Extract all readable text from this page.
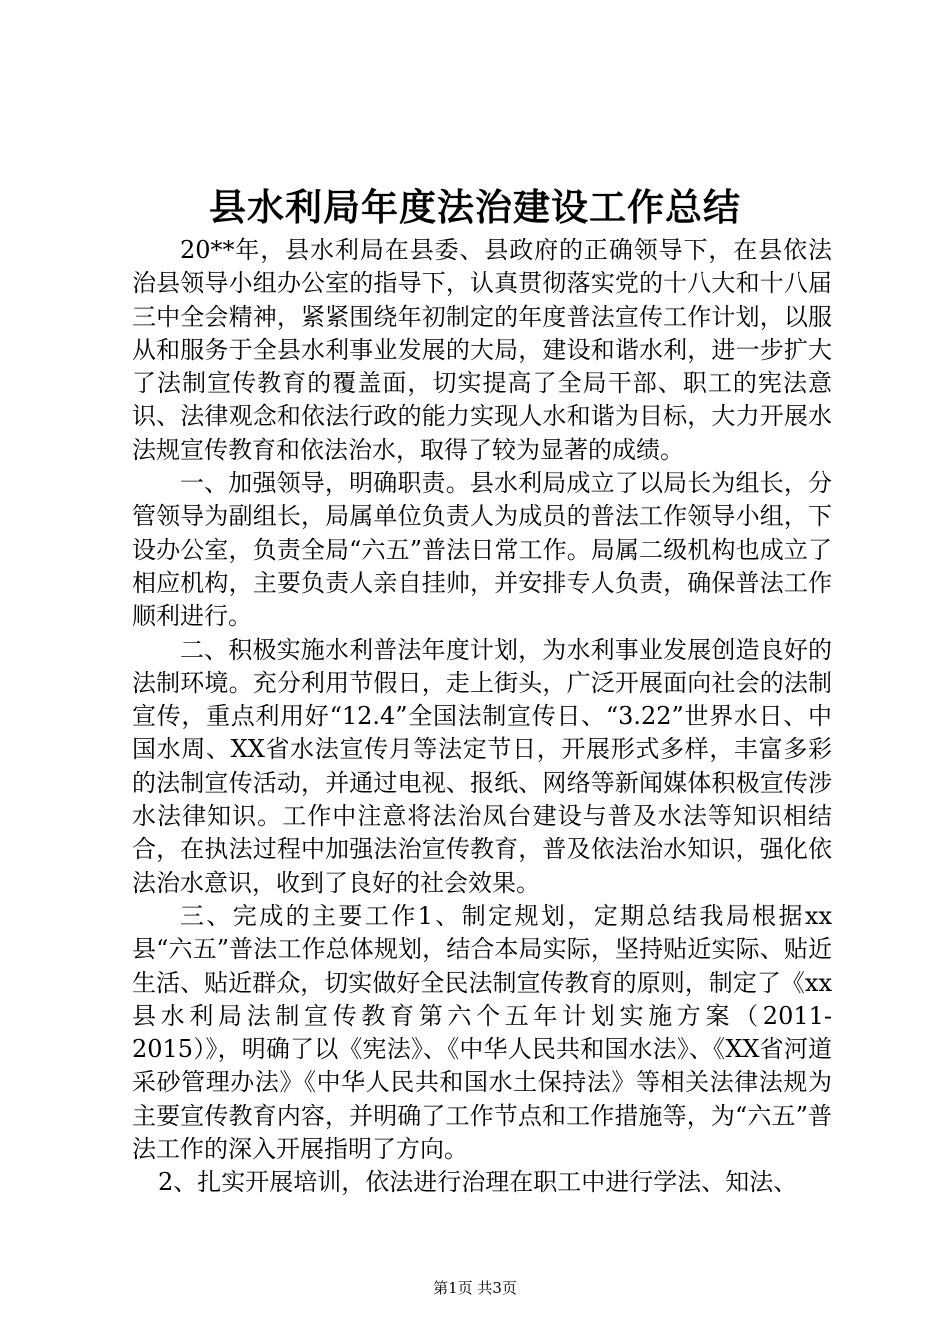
县水利局年度法治建设工作总结

20**年，县水利局在县委、县政府的正确领导下，在县依法治县领导小组办公室的指导下，认真贯彻落实党的十八大和十八届三中全会精神，紧紧围绕年初制定的年度普法宣传工作计划，以服从和服务于全县水利事业发展的大局，建设和谐水利，进一步扩大了法制宣传教育的覆盖面，切实提高了全局干部、职工的宪法意识、法律观念和依法行政的能力实现人水和谐为目标，大力开展水法规宣传教育和依法治水，取得了较为显著的成绩。

一、加强领导，明确职责。县水利局成立了以局长为组长，分管领导为副组长，局属单位负责人为成员的普法工作领导小组，下设办公室，负责全局“六五”普法日常工作。局属二级机构也成立了相应机构，主要负责人亲自挂帅，并安排专人负责，确保普法工作顺利进行。

二、积极实施水利普法年度计划，为水利事业发展创造良好的法制环境。充分利用节假日，走上街头，广泛开展面向社会的法制宣传，重点利用好“12.4”全国法制宣传日、“3.22”世界水日、中国水周、XX省水法宣传月等法定节日，开展形式多样，丰富多彩的法制宣传活动，并通过电视、报纸、网络等新闻媒体积极宣传涉水法律知识。工作中注意将法治凤台建设与普及水法等知识相结合，在执法过程中加强法治宣传教育，普及依法治水知识，强化依法治水意识，收到了良好的社会效果。

三、完成的主要工作1、制定规划，定期总结我局根据xx县“六五”普法工作总体规划，结合本局实际，坚持贴近实际、贴近生活、贴近群众，切实做好全民法制宣传教育的原则，制定了《xx县水利局法制宣传教育第六个五年计划实施方案（2011-2015）》，明确了以《宪法》、《中华人民共和国水法》、《XX省河道采砂管理办法》《中华人民共和国水土保持法》等相关法律法规为主要宣传教育内容，并明确了工作节点和工作措施等，为“六五”普法工作的深入开展指明了方向。

2、扎实开展培训，依法进行治理在职工中进行学法、知法、

第1页 共3页
